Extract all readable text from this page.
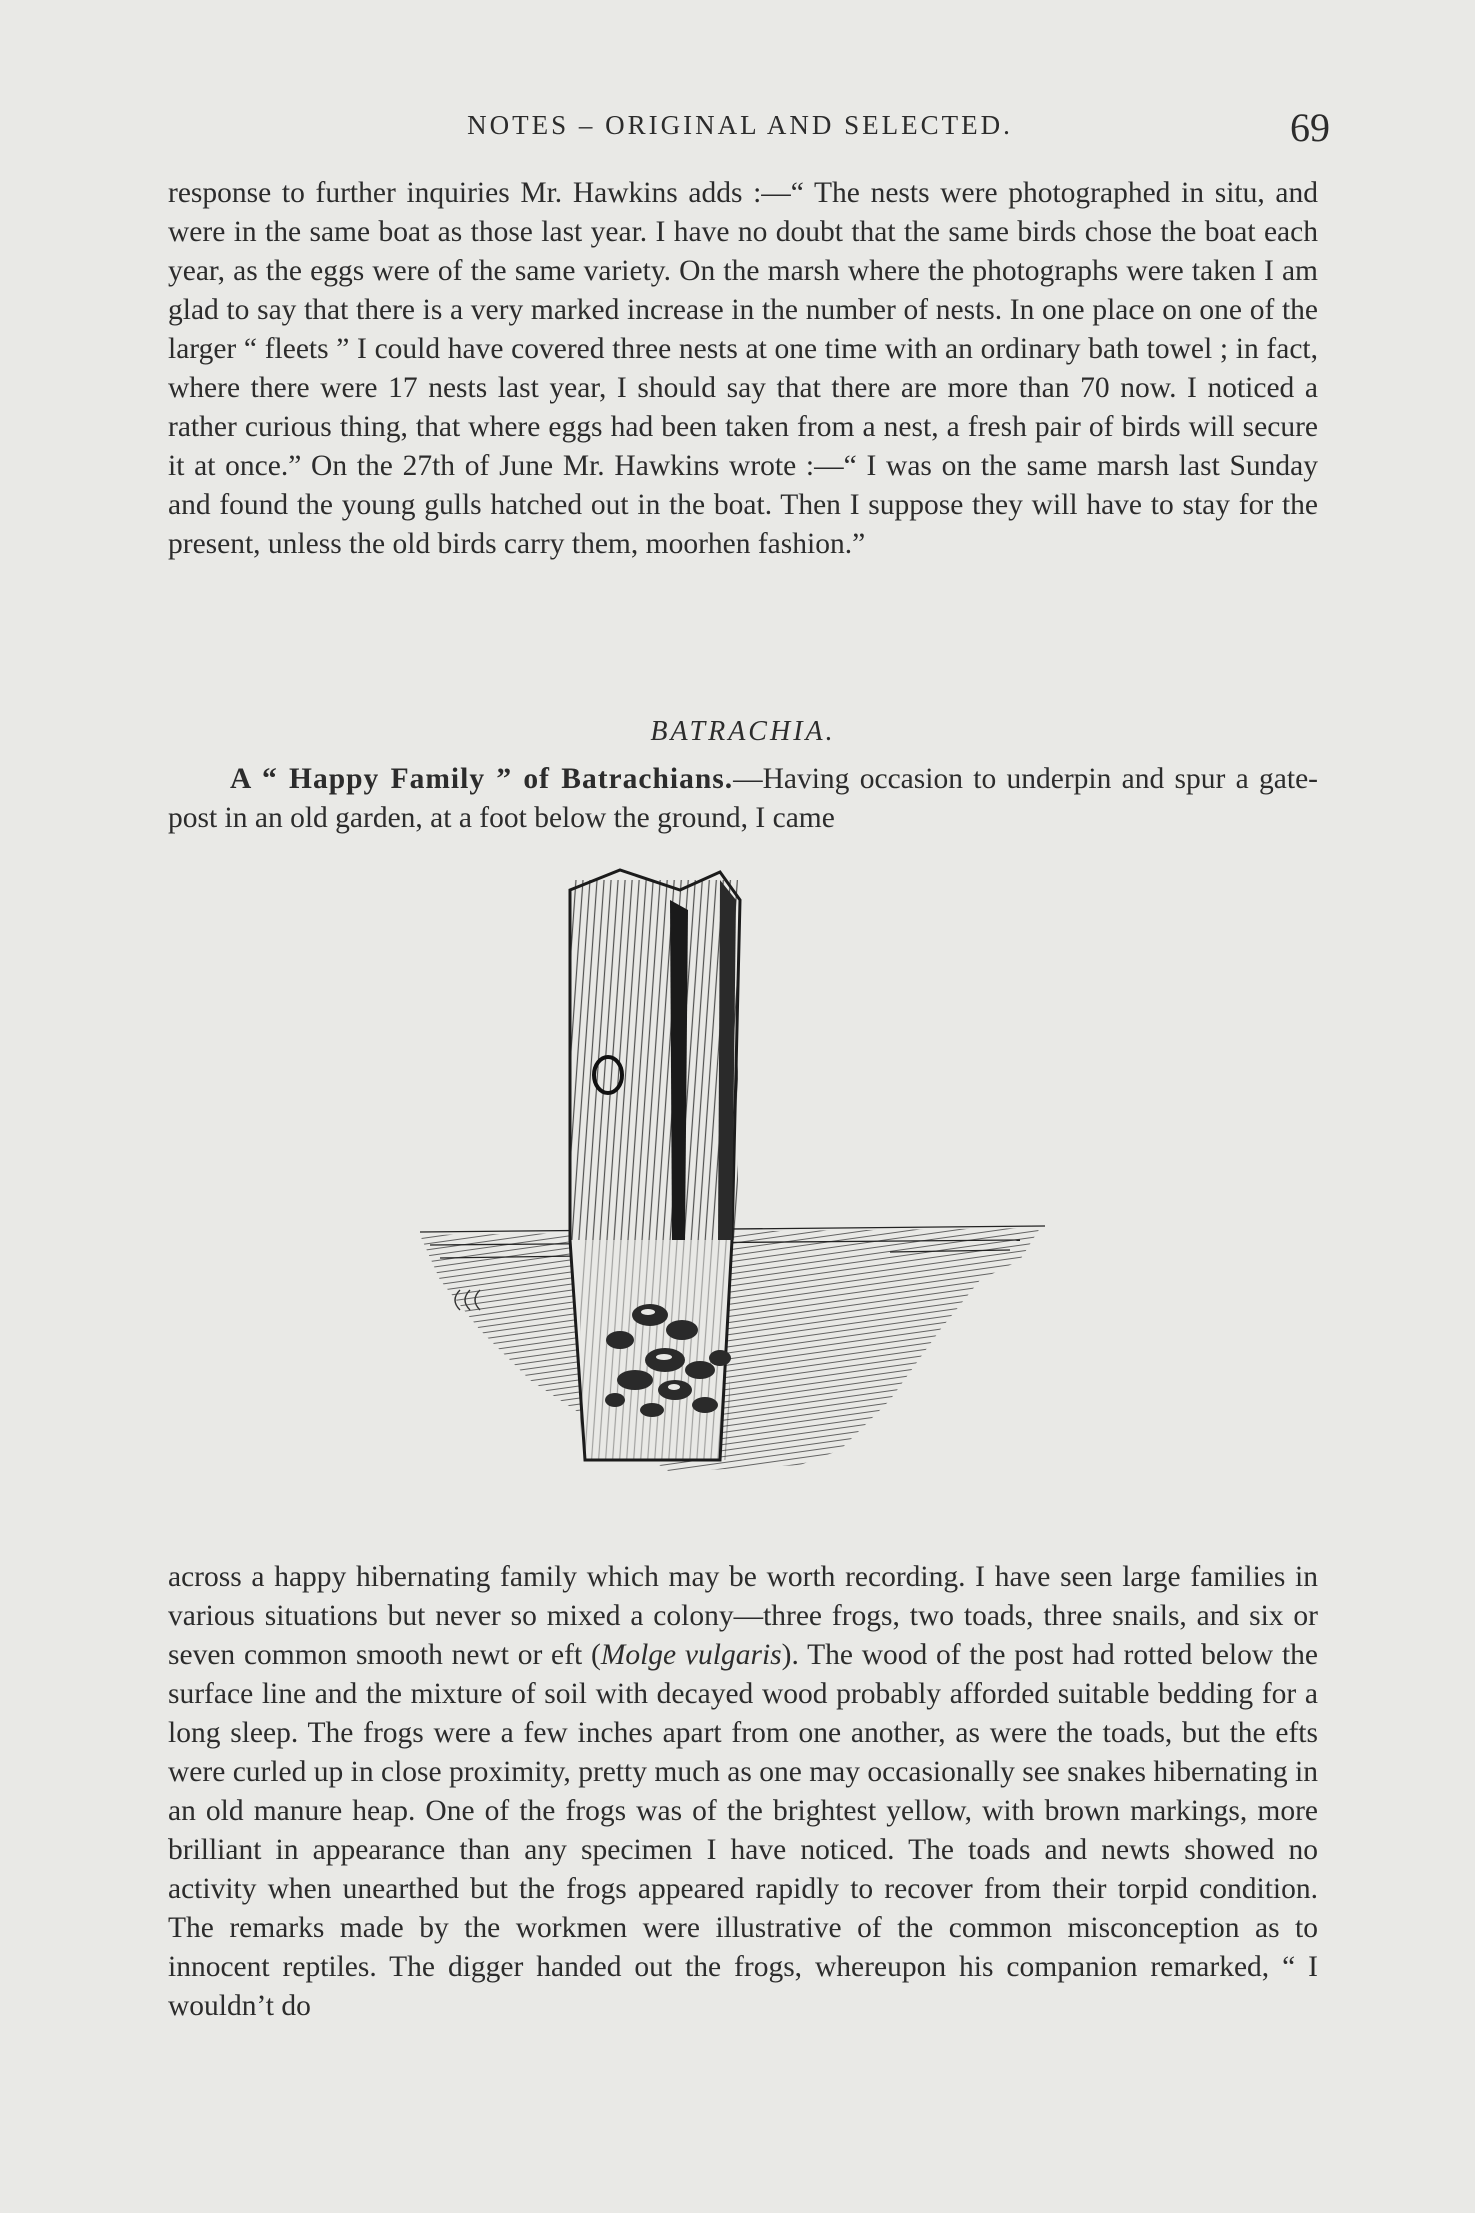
NOTES – ORIGINAL AND SELECTED.	69

response to further inquiries Mr. Hawkins adds :—“ The nests were photographed in situ, and were in the same boat as those last year. I have no doubt that the same birds chose the boat each year, as the eggs were of the same variety. On the marsh where the photographs were taken I am glad to say that there is a very marked increase in the number of nests. In one place on one of the larger “ fleets ” I could have covered three nests at one time with an ordinary bath towel ; in fact, where there were 17 nests last year, I should say that there are more than 70 now. I noticed a rather curious thing, that where eggs had been taken from a nest, a fresh pair of birds will secure it at once.” On the 27th of June Mr. Hawkins wrote :—“ I was on the same marsh last Sunday and found the young gulls hatched out in the boat. Then I suppose they will have to stay for the present, unless the old birds carry them, moorhen fashion.”

BATRACHIA.

A “ Happy Family ” of Batrachians.—Having occasion to underpin and spur a gate-post in an old garden, at a foot below the ground, I came

across a happy hibernating family which may be worth recording. I have seen large families in various situations but never so mixed a colony—three frogs, two toads, three snails, and six or seven common smooth newt or eft (Molge vulgaris). The wood of the post had rotted below the surface line and the mixture of soil with decayed wood probably afforded suitable bedding for a long sleep. The frogs were a few inches apart from one another, as were the toads, but the efts were curled up in close proximity, pretty much as one may occasionally see snakes hibernating in an old manure heap. One of the frogs was of the brightest yellow, with brown markings, more brilliant in appearance than any specimen I have noticed. The toads and newts showed no activity when unearthed but the frogs appeared rapidly to recover from their torpid condition. The remarks made by the workmen were illustrative of the common misconception as to innocent reptiles. The digger handed out the frogs, whereupon his companion remarked, “ I wouldn’t do
